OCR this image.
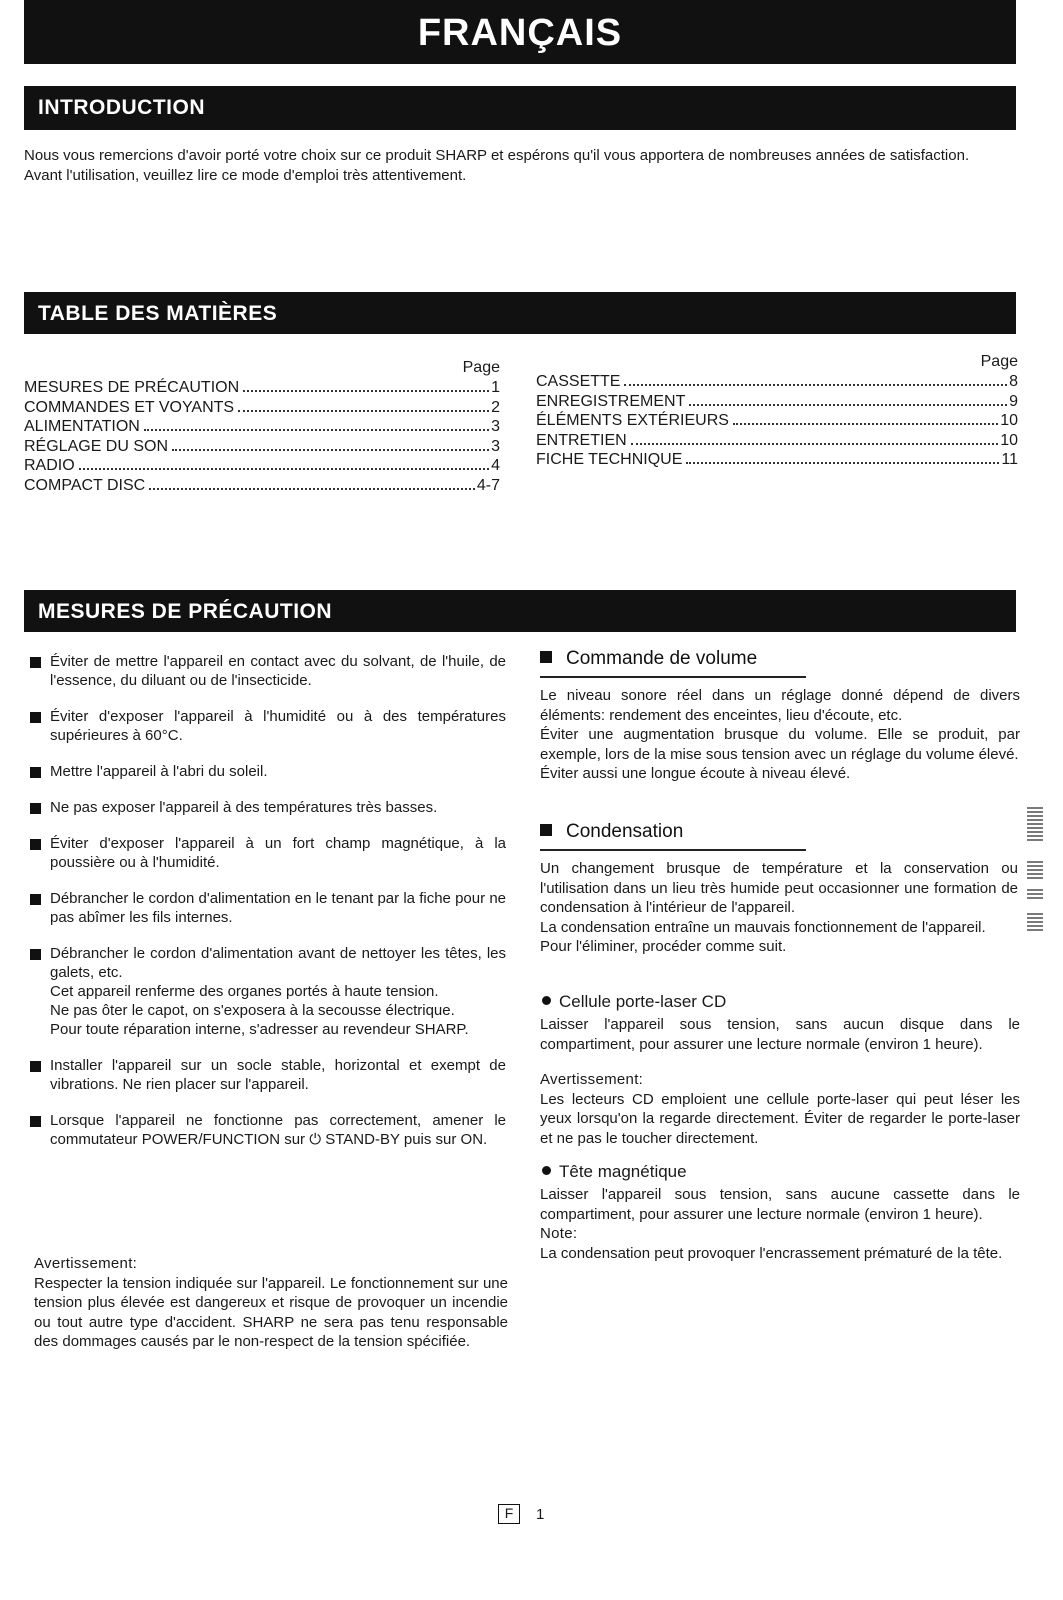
FRANÇAIS
INTRODUCTION
Nous vous remercions d'avoir porté votre choix sur ce produit SHARP et espérons qu'il vous apportera de nombreuses années de satisfaction.
Avant l'utilisation, veuillez lire ce mode d'emploi très attentivement.
TABLE DES MATIÈRES
Page
MESURES DE PRÉCAUTION	1
COMMANDES ET VOYANTS	2
ALIMENTATION	3
RÉGLAGE DU SON	3
RADIO	4
COMPACT DISC	4-7
Page
CASSETTE	8
ENREGISTREMENT	9
ÉLÉMENTS EXTÉRIEURS	10
ENTRETIEN	10
FICHE TECHNIQUE	11
MESURES DE PRÉCAUTION
Éviter de mettre l'appareil en contact avec du solvant, de l'huile, de l'essence, du diluant ou de l'insecticide.
Éviter d'exposer l'appareil à l'humidité ou à des températures supérieures à 60°C.
Mettre l'appareil à l'abri du soleil.
Ne pas exposer l'appareil à des températures très basses.
Éviter d'exposer l'appareil à un fort champ magnétique, à la poussière ou à l'humidité.
Débrancher le cordon d'alimentation en le tenant par la fiche pour ne pas abîmer les fils internes.
Débrancher le cordon d'alimentation avant de nettoyer les têtes, les galets, etc.
Cet appareil renferme des organes portés à haute tension.
Ne pas ôter le capot, on s'exposera à la secousse électrique.
Pour toute réparation interne, s'adresser au revendeur SHARP.
Installer l'appareil sur un socle stable, horizontal et exempt de vibrations. Ne rien placer sur l'appareil.
Lorsque l'appareil ne fonctionne pas correctement, amener le commutateur POWER/FUNCTION sur ⏻ STAND-BY puis sur ON.
Avertissement:
Respecter la tension indiquée sur l'appareil. Le fonctionnement sur une tension plus élevée est dangereux et risque de provoquer un incendie ou tout autre type d'accident. SHARP ne sera pas tenu responsable des dommages causés par le non-respect de la tension spécifiée.
Commande de volume
Le niveau sonore réel dans un réglage donné dépend de divers éléments: rendement des enceintes, lieu d'écoute, etc.
Éviter une augmentation brusque du volume. Elle se produit, par exemple, lors de la mise sous tension avec un réglage du volume élevé.
Éviter aussi une longue écoute à niveau élevé.
Condensation
Un changement brusque de température et la conservation ou l'utilisation dans un lieu très humide peut occasionner une formation de condensation à l'intérieur de l'appareil.
La condensation entraîne un mauvais fonctionnement de l'appareil.
Pour l'éliminer, procéder comme suit.
Cellule porte-laser CD
Laisser l'appareil sous tension, sans aucun disque dans le compartiment, pour assurer une lecture normale (environ 1 heure).
Avertissement:
Les lecteurs CD emploient une cellule porte-laser qui peut léser les yeux lorsqu'on la regarde directement. Éviter de regarder le porte-laser et ne pas le toucher directement.
Tête magnétique
Laisser l'appareil sous tension, sans aucune cassette dans le compartiment, pour assurer une lecture normale (environ 1 heure).
Note:
La condensation peut provoquer l'encrassement prématuré de la tête.
F	1
